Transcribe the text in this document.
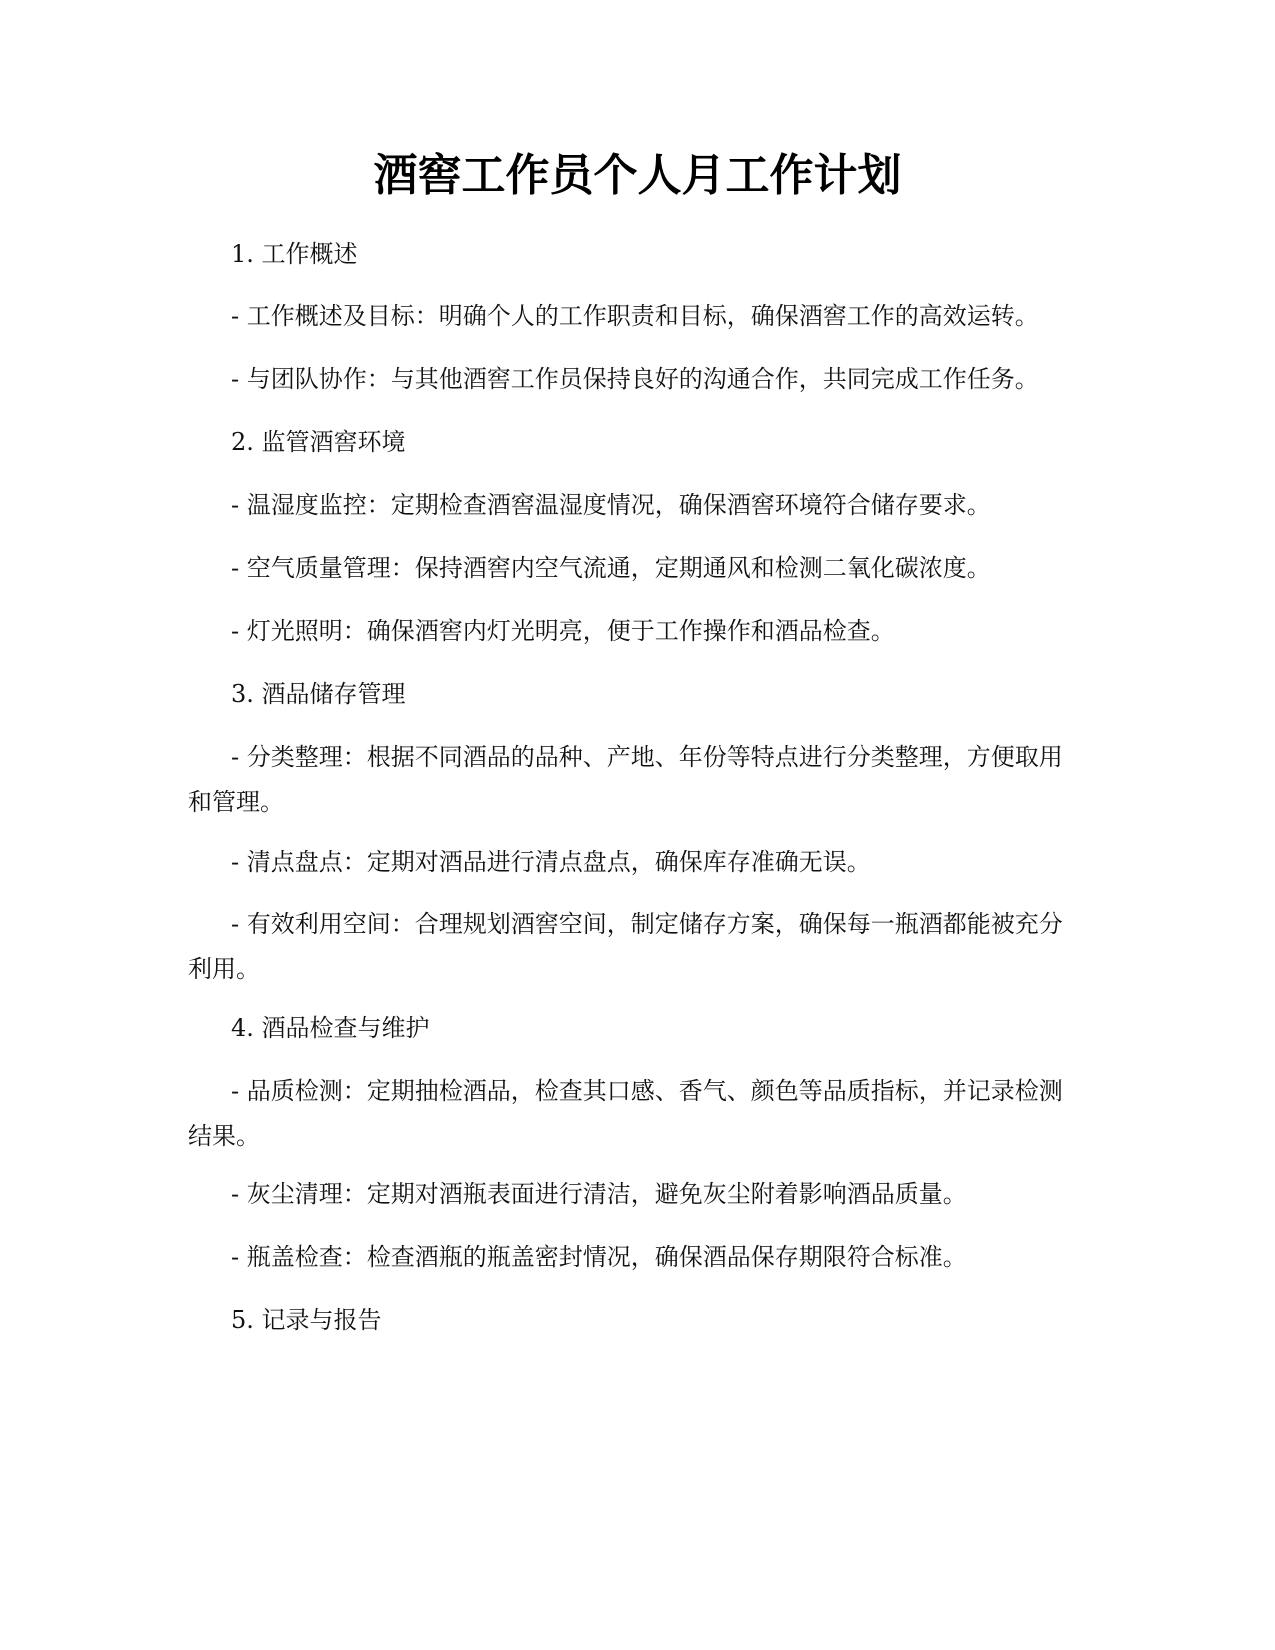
酒窖工作员个人月工作计划

1. 工作概述

- 工作概述及目标：明确个人的工作职责和目标，确保酒窖工作的高效运转。

- 与团队协作：与其他酒窖工作员保持良好的沟通合作，共同完成工作任务。

2. 监管酒窖环境

- 温湿度监控：定期检查酒窖温湿度情况，确保酒窖环境符合储存要求。

- 空气质量管理：保持酒窖内空气流通，定期通风和检测二氧化碳浓度。

- 灯光照明：确保酒窖内灯光明亮，便于工作操作和酒品检查。

3. 酒品储存管理

- 分类整理：根据不同酒品的品种、产地、年份等特点进行分类整理，方便取用和管理。

- 清点盘点：定期对酒品进行清点盘点，确保库存准确无误。

- 有效利用空间：合理规划酒窖空间，制定储存方案，确保每一瓶酒都能被充分利用。

4. 酒品检查与维护

- 品质检测：定期抽检酒品，检查其口感、香气、颜色等品质指标，并记录检测结果。

- 灰尘清理：定期对酒瓶表面进行清洁，避免灰尘附着影响酒品质量。

- 瓶盖检查：检查酒瓶的瓶盖密封情况，确保酒品保存期限符合标准。

5. 记录与报告
